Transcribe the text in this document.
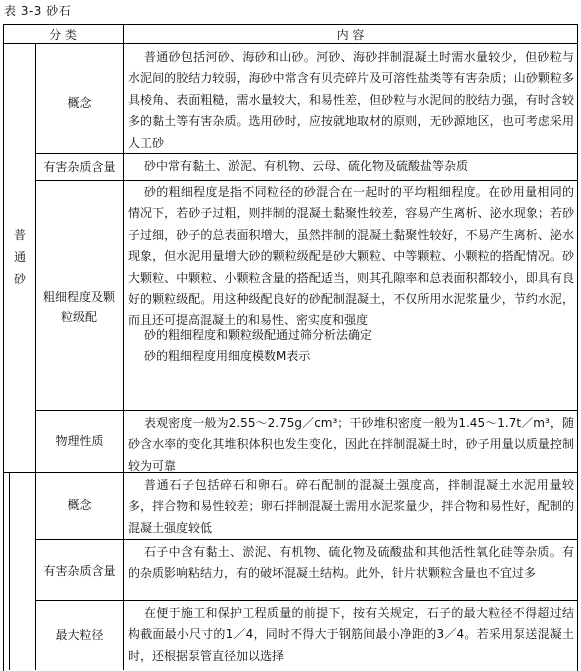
表 3-3 砂石
分 类	内 容
普通砂
概念
普通砂包括河砂、海砂和山砂。河砂、海砂拌制混凝土时需水量较少，但砂粒与水泥间的胶结力较弱，海砂中常含有贝壳碎片及可溶性盐类等有害杂质；山砂颗粒多具棱角、表面粗糙，需水量较大，和易性差，但砂粒与水泥间的胶结力强，有时含较多的黏土等有害杂质。选用砂时，应按就地取材的原则，无砂源地区，也可考虑采用人工砂
有害杂质含量	砂中常有黏土、淤泥、有机物、云母、硫化物及硫酸盐等杂质
粗细程度及颗粒级配
砂的粗细程度是指不同粒径的砂混合在一起时的平均粗细程度。在砂用量相同的情况下，若砂子过粗，则拌制的混凝土黏聚性较差，容易产生离析、泌水现象；若砂子过细，砂子的总表面积增大，虽然拌制的混凝土黏聚性较好，不易产生离析、泌水现象，但水泥用量增大砂的颗粒级配是砂大颗粒、中等颗粒、小颗粒的搭配情况。砂大颗粒、中颗粒、小颗粒含量的搭配适当，则其孔隙率和总表面积都较小，即具有良好的颗粒级配。用这种级配良好的砂配制混凝土，不仅所用水泥浆量少，节约水泥，而且还可提高混凝土的和易性、密实度和强度
砂的粗细程度和颗粒级配通过筛分析法确定
砂的粗细程度用细度模数M表示
物理性质
表观密度一般为2.55～2.75g／cm³；干砂堆积密度一般为1.45～1.7t／m³，随砂含水率的变化其堆积体积也发生变化，因此在拌制混凝土时，砂子用量以质量控制较为可靠
概念
普通石子包括碎石和卵石。碎石配制的混凝土强度高，拌制混凝土水泥用量较多，拌合物和易性较差；卵石拌制混凝土需用水泥浆量少，拌合物和易性好，配制的混凝土强度较低
有害杂质含量
石子中含有黏土、淤泥、有机物、硫化物及硫酸盐和其他活性氧化硅等杂质。有的杂质影响粘结力，有的破坏混凝土结构。此外，针片状颗粒含量也不宜过多
最大粒径
在便于施工和保护工程质量的前提下，按有关规定，石子的最大粒径不得超过结构截面最小尺寸的1／4，同时不得大于钢筋间最小净距的3／4。若采用泵送混凝土时，还根据泵管直径加以选择
